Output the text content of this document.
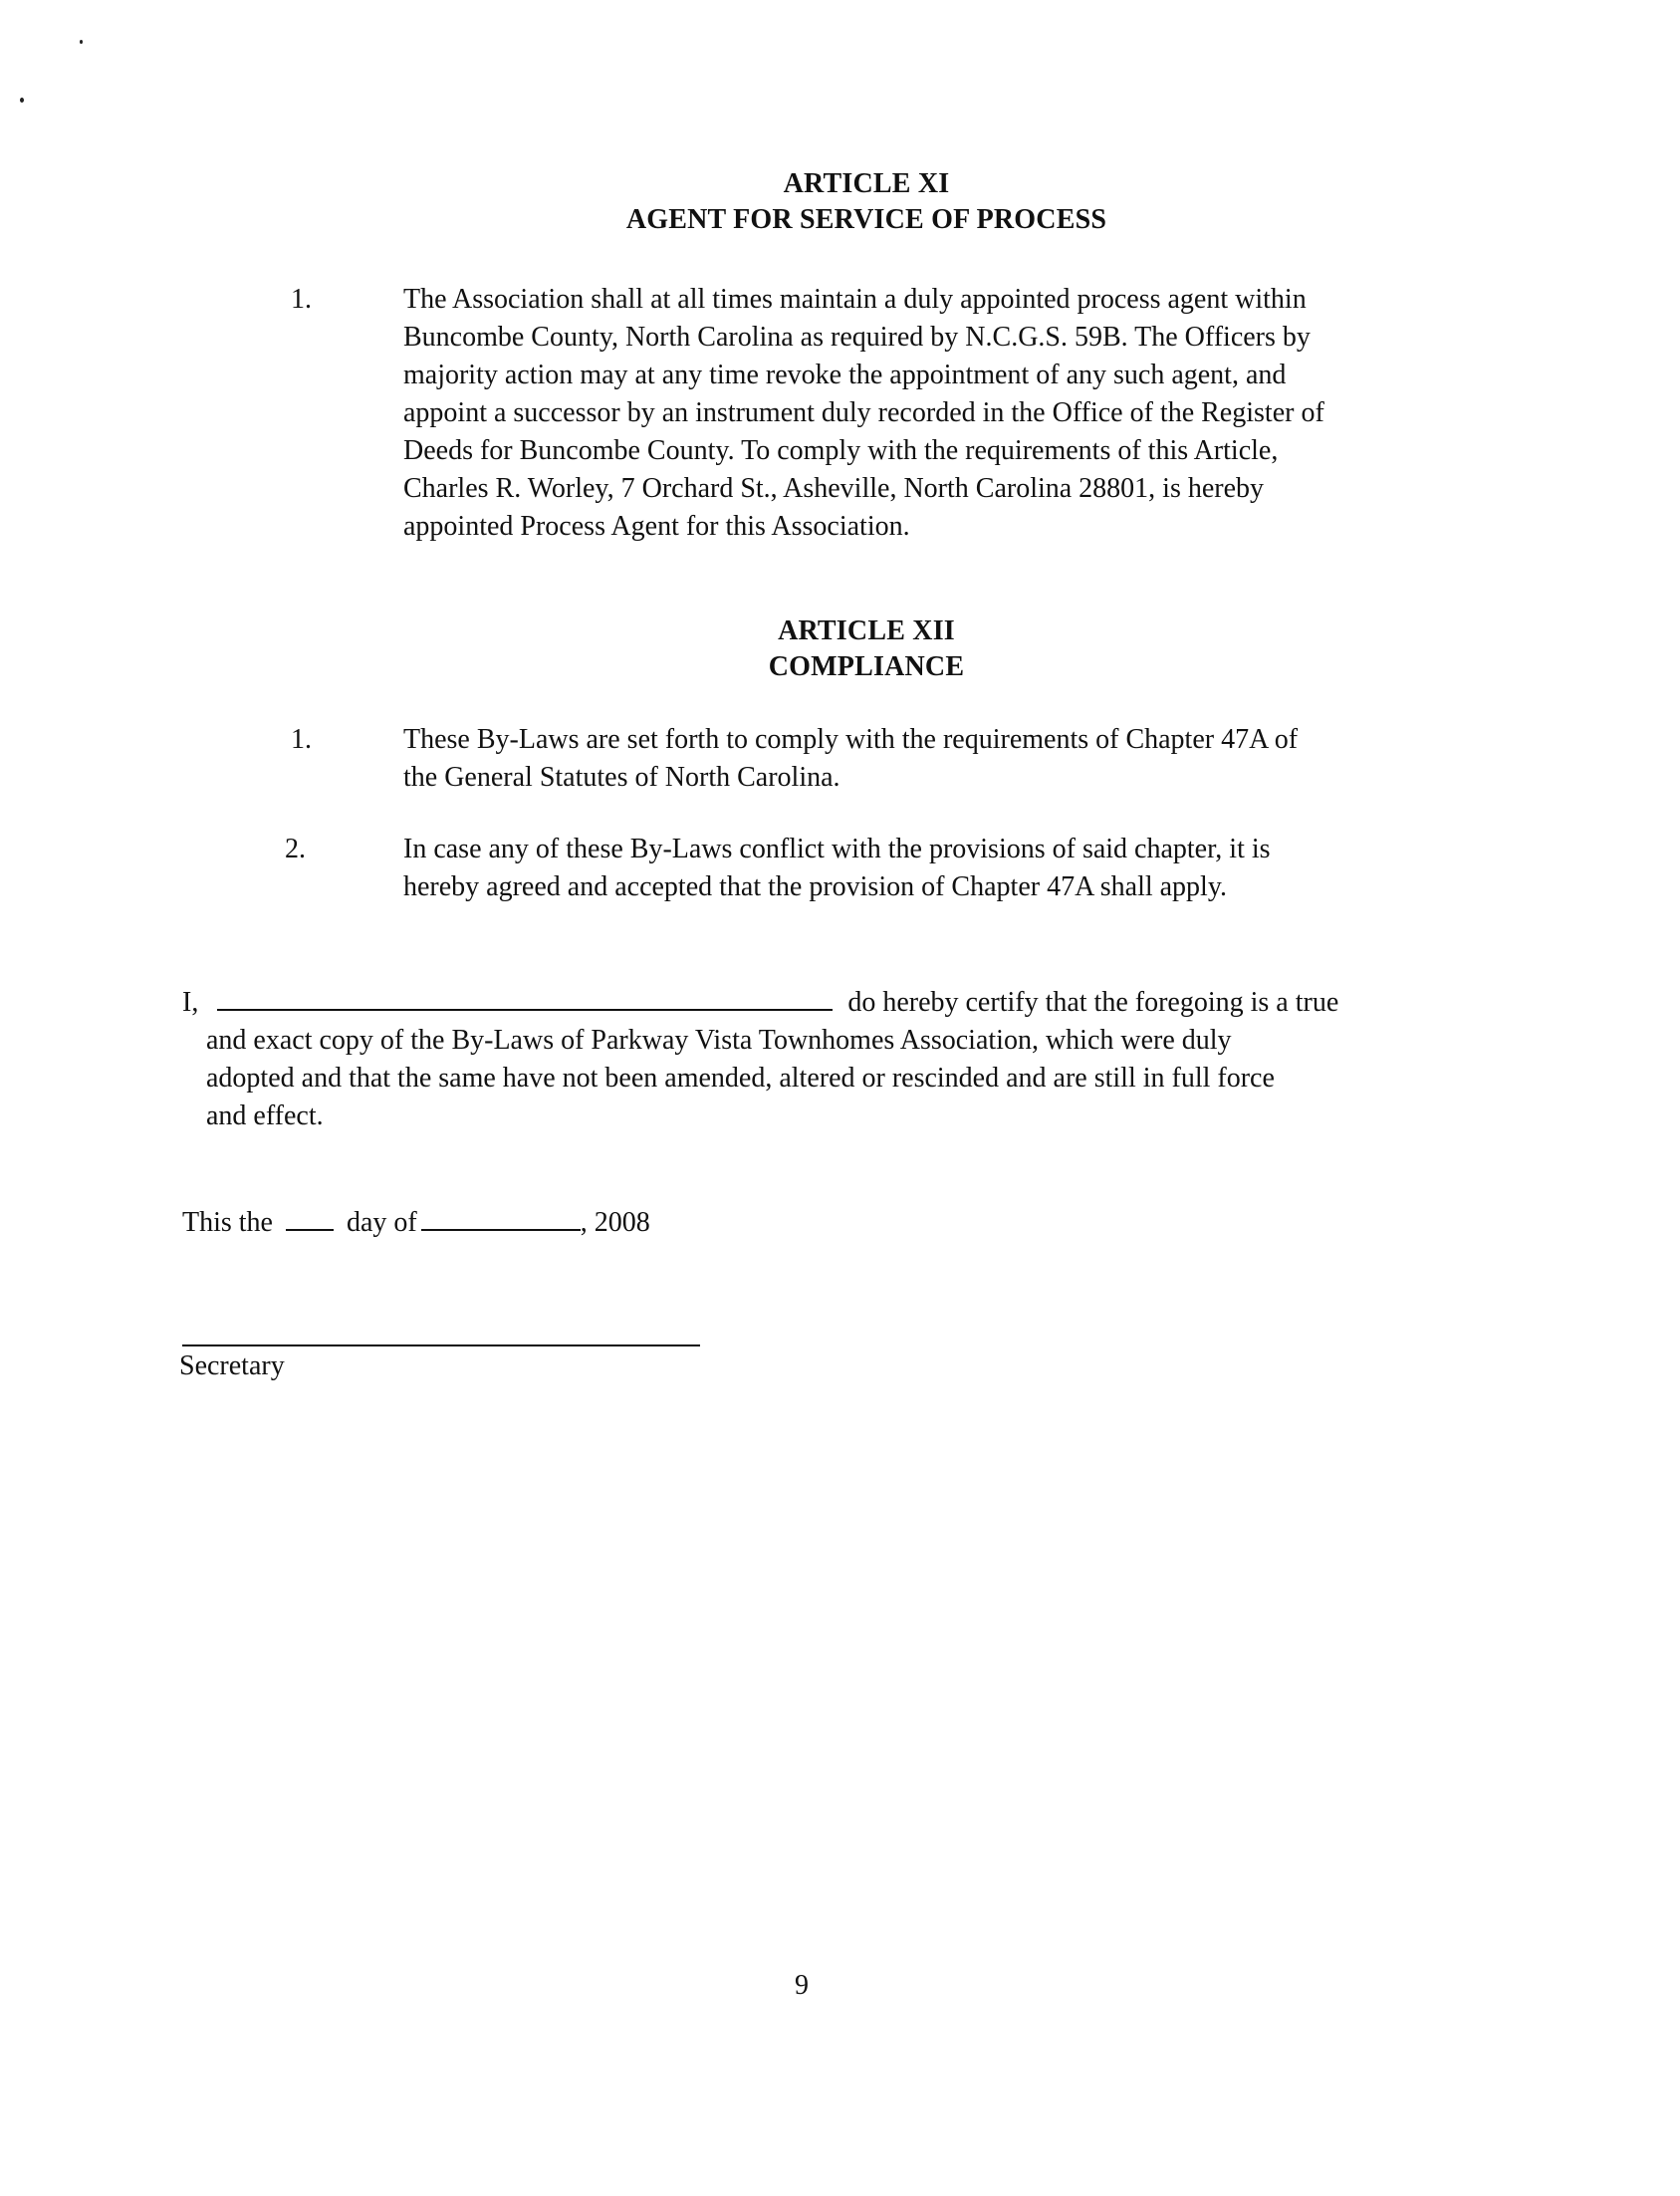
ARTICLE XI
AGENT FOR SERVICE OF PROCESS
1.	The Association shall at all times maintain a duly appointed process agent within
Buncombe County, North Carolina as required by N.C.G.S. 59B. The Officers by
majority action may at any time revoke the appointment of any such agent, and
appoint a successor by an instrument duly recorded in the Office of the Register of
Deeds for Buncombe County. To comply with the requirements of this Article,
Charles R. Worley, 7 Orchard St., Asheville, North Carolina 28801, is hereby
appointed Process Agent for this Association.
ARTICLE XII
COMPLIANCE
1.	These By-Laws are set forth to comply with the requirements of Chapter 47A of
the General Statutes of North Carolina.
2.	In case any of these By-Laws conflict with the provisions of said chapter, it is
hereby agreed and accepted that the provision of Chapter 47A shall apply.
I,	do hereby certify that the foregoing is a true
and exact copy of the By-Laws of Parkway Vista Townhomes Association, which were duly
adopted and that the same have not been amended, altered or rescinded and are still in full force
and effect.
This the	day of	, 2008
Secretary
9
